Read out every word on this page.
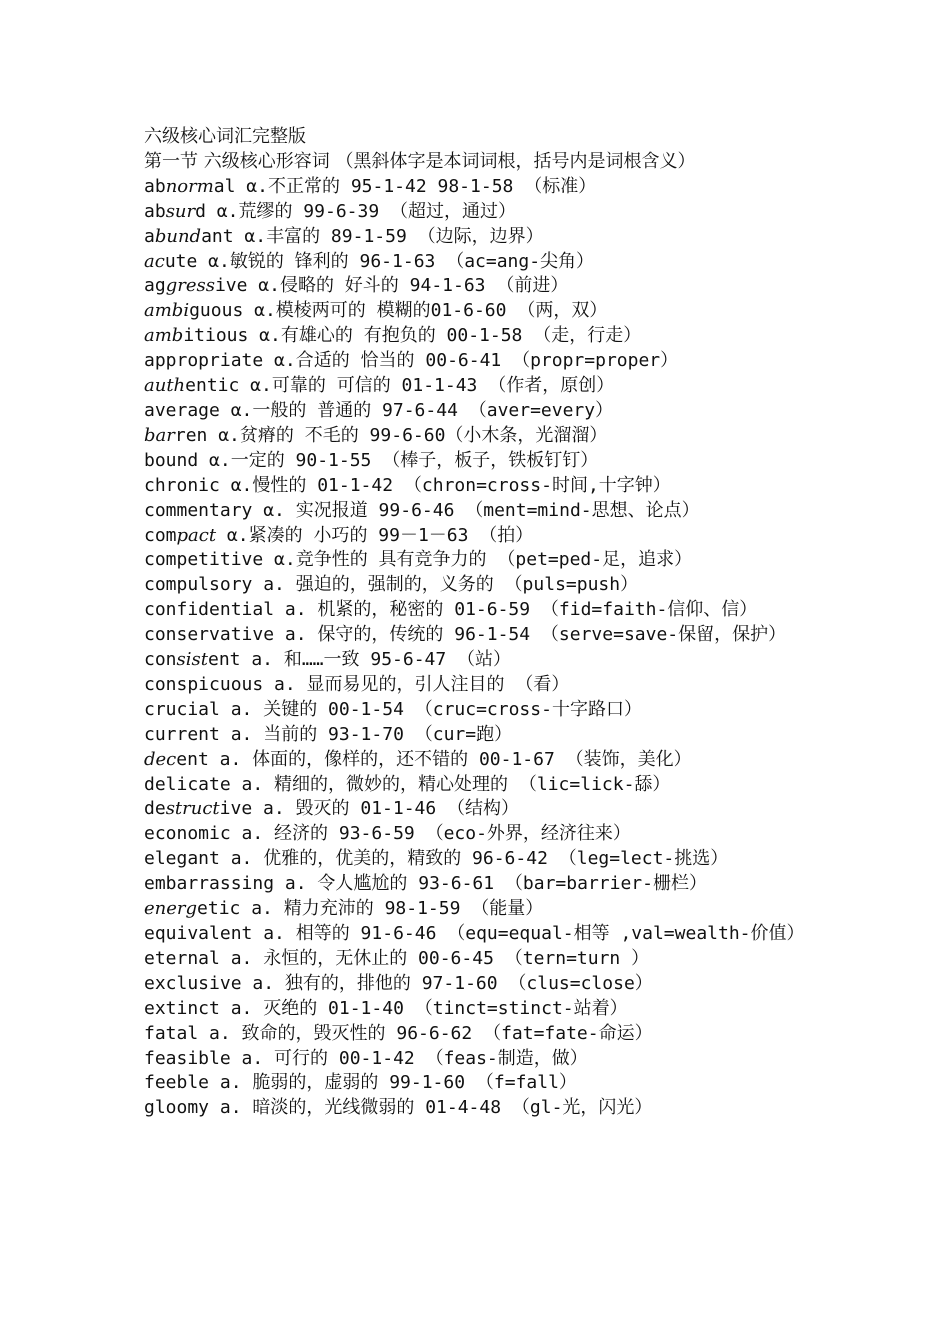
六级核心词汇完整版
第一节 六级核心形容词 （黑斜体字是本词词根，括号内是词根含义）
abnormal α.不正常的 95-1-42 98-1-58 （标准）
absurd α.荒缪的 99-6-39 （超过，通过）
abundant α.丰富的 89-1-59 （边际，边界）
acute α.敏锐的 锋利的 96-1-63 （ac=ang-尖角）
aggressive α.侵略的 好斗的 94-1-63 （前进）
ambiguous α.模棱两可的 模糊的01-6-60 （两，双）
ambitious α.有雄心的 有抱负的 00-1-58 （走，行走）
appropriate α.合适的 恰当的 00-6-41 （propr=proper）
authentic α.可靠的 可信的 01-1-43 （作者，原创）
average α.一般的 普通的 97-6-44 （aver=every）
barren α.贫瘠的 不毛的 99-6-60（小木条，光溜溜）
bound α.一定的 90-1-55 （棒子，板子，铁板钉钉）
chronic α.慢性的 01-1-42 （chron=cross-时间,十字钟）
commentary α. 实况报道 99-6-46 （ment=mind-思想、论点）
compact α.紧凑的 小巧的 99－1－63 （拍）
competitive α.竞争性的 具有竞争力的 （pet=ped-足，追求）
compulsory a. 强迫的，强制的，义务的 （puls=push）
confidential a. 机紧的，秘密的 01-6-59 （fid=faith-信仰、信）
conservative a. 保守的，传统的 96-1-54 （serve=save-保留，保护）
consistent a. 和……一致 95-6-47 （站）
conspicuous a. 显而易见的，引人注目的 （看）
crucial a. 关键的 00-1-54 （cruc=cross-十字路口）
current a. 当前的 93-1-70 （cur=跑）
decent a. 体面的，像样的，还不错的 00-1-67 （装饰，美化）
delicate a. 精细的，微妙的，精心处理的 （lic=lick-舔）
destructive a. 毁灭的 01-1-46 （结构）
economic a. 经济的 93-6-59 （eco-外界，经济往来）
elegant a. 优雅的，优美的，精致的 96-6-42 （leg=lect-挑选）
embarrassing a. 令人尴尬的 93-6-61 （bar=barrier-栅栏）
energetic a. 精力充沛的 98-1-59 （能量）
equivalent a. 相等的 91-6-46 （equ=equal-相等 ,val=wealth-价值）
eternal a. 永恒的，无休止的 00-6-45 （tern=turn ）
exclusive a. 独有的，排他的 97-1-60 （clus=close）
extinct a. 灭绝的 01-1-40 （tinct=stinct-站着）
fatal a. 致命的，毁灭性的 96-6-62 （fat=fate-命运）
feasible a. 可行的 00-1-42 （feas-制造，做）
feeble a. 脆弱的，虚弱的 99-1-60 （f=fall）
gloomy a. 暗淡的，光线微弱的 01-4-48 （gl-光，闪光）
